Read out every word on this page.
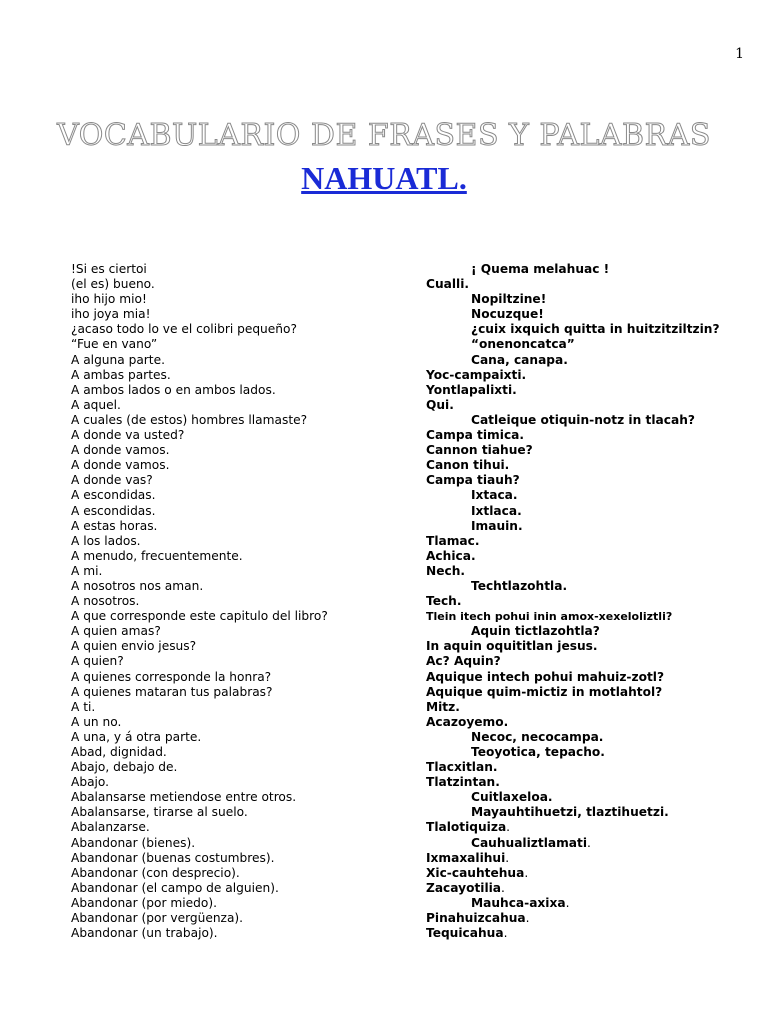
1
VOCABULARIO DE FRASES Y PALABRAS
NAHUATL.
!Si es ciertoi
(el es) bueno.
iho hijo mio!
iho joya mia!
¿acaso todo lo ve el colibri pequeño?
“Fue en vano”
A alguna parte.
A ambas partes.
A ambos lados o en ambos lados.
A aquel.
A cuales (de estos) hombres llamaste?
A donde va usted?
A donde vamos.
A donde vamos.
A donde vas?
A escondidas.
A escondidas.
A estas horas.
A los lados.
A menudo, frecuentemente.
A mi.
A nosotros nos aman.
A nosotros.
A que corresponde este capitulo del libro?
A quien amas?
A quien envio jesus?
A quien?
A quienes corresponde la honra?
A quienes mataran tus palabras?
A ti.
A un no.
A una, y á otra parte.
Abad, dignidad.
Abajo, debajo de.
Abajo.
Abalansarse metiendose entre otros.
Abalansarse, tirarse al suelo.
Abalanzarse.
Abandonar (bienes).
Abandonar (buenas costumbres).
Abandonar (con desprecio).
Abandonar (el campo de alguien).
Abandonar (por miedo).
Abandonar (por vergüenza).
Abandonar (un trabajo).
¡ Quema melahuac !
Cualli.
Nopiltzine!
Nocuzque!
¿cuix ixquich quitta in huitzitziltzin?
“onenoncatca”
Cana, canapa.
Yoc-campaixti.
Yontlapalixti.
Qui.
Catleique otiquin-notz in tlacah?
Campa timica.
Cannon tiahue?
Canon tihui.
Campa tiauh?
Ixtaca.
Ixtlaca.
Imauin.
Tlamac.
Achica.
Nech.
Techtlazohtla.
Tech.
Tlein itech pohui inin amox-xexeloliztli?
Aquin tictlazohtla?
In aquin oquititlan jesus.
Ac? Aquin?
Aquique intech pohui mahuiz-zotl?
Aquique quim-mictiz in motlahtol?
Mitz.
Acazoyemo.
Necoc, necocampa.
Teoyotica, tepacho.
Tlacxitlan.
Tlatzintan.
Cuitlaxeloa.
Mayauhtihuetzi, tlaztihuetzi.
Tlalotiquiza.
Cauhualiztlamati.
Ixmaxalihui.
Xic-cauhtehua.
Zacayotilia.
Mauhca-axixa.
Pinahuizcahua.
Tequicahua.
